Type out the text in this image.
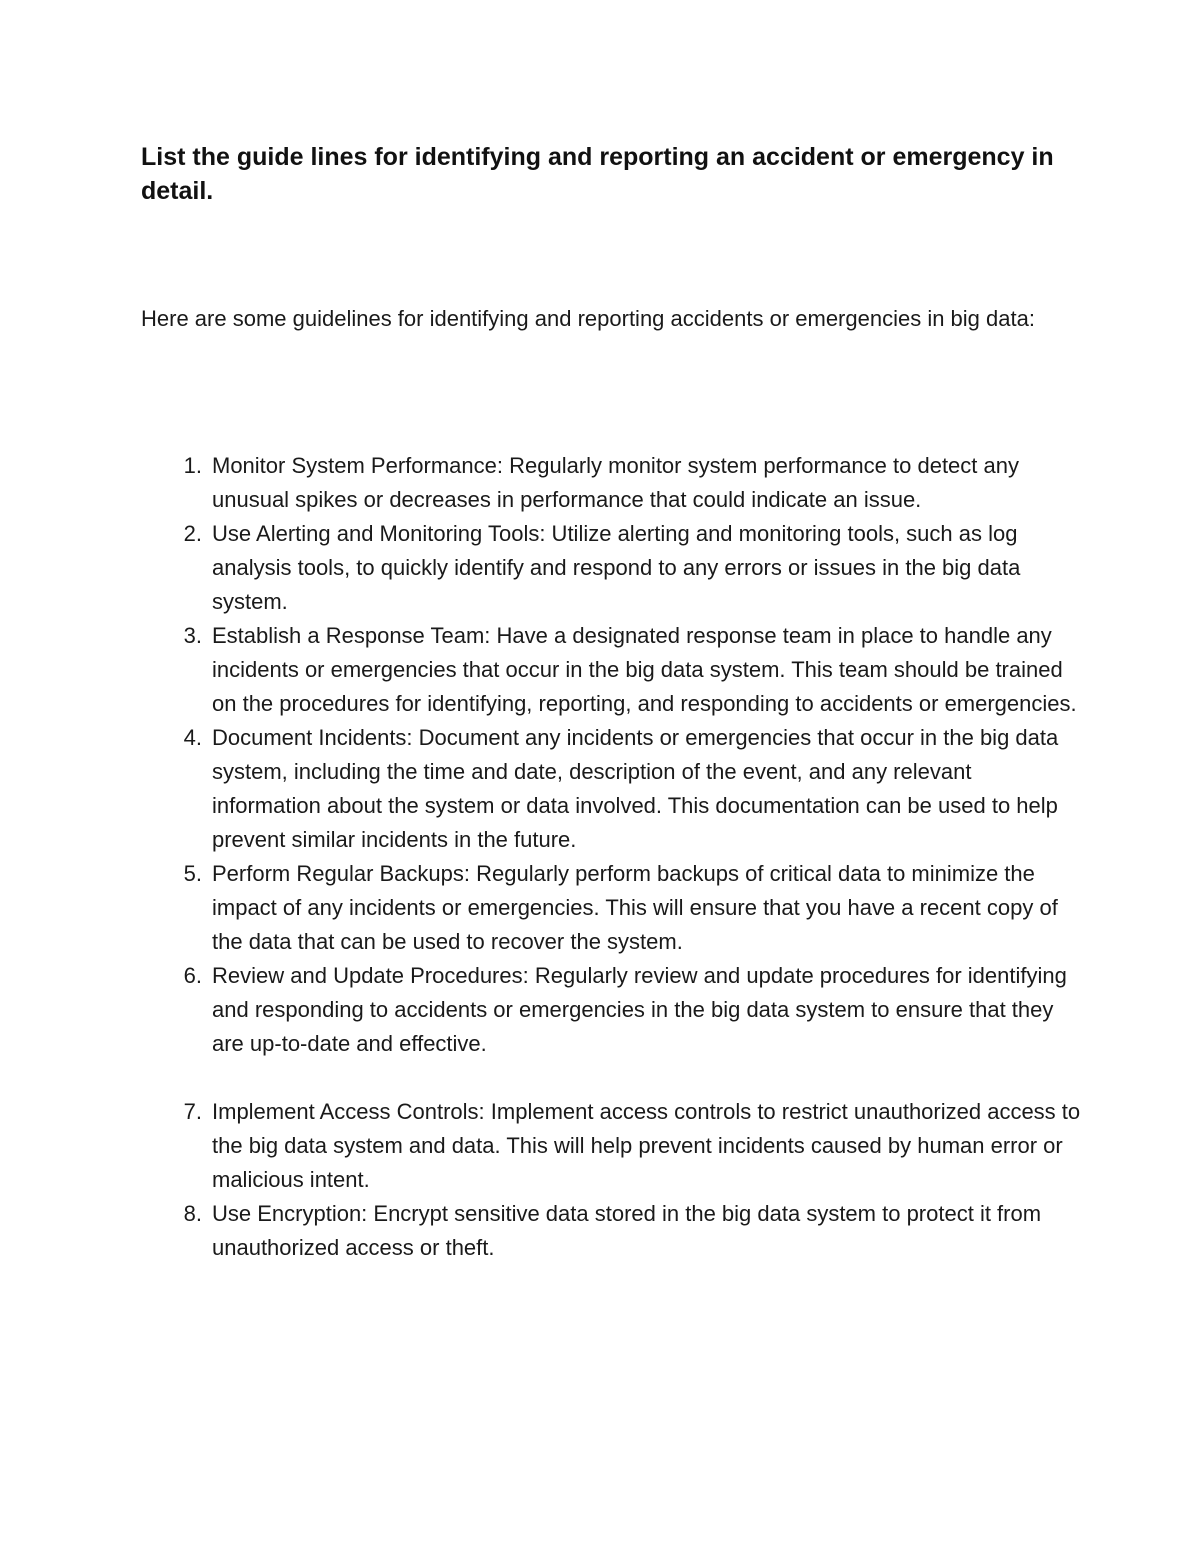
List the guide lines for identifying and reporting an accident or emergency in detail.

Here are some guidelines for identifying and reporting accidents or emergencies in big data:

1. Monitor System Performance: Regularly monitor system performance to detect any unusual spikes or decreases in performance that could indicate an issue.
2. Use Alerting and Monitoring Tools: Utilize alerting and monitoring tools, such as log analysis tools, to quickly identify and respond to any errors or issues in the big data system.
3. Establish a Response Team: Have a designated response team in place to handle any incidents or emergencies that occur in the big data system. This team should be trained on the procedures for identifying, reporting, and responding to accidents or emergencies.
4. Document Incidents: Document any incidents or emergencies that occur in the big data system, including the time and date, description of the event, and any relevant information about the system or data involved. This documentation can be used to help prevent similar incidents in the future.
5. Perform Regular Backups: Regularly perform backups of critical data to minimize the impact of any incidents or emergencies. This will ensure that you have a recent copy of the data that can be used to recover the system.
6. Review and Update Procedures: Regularly review and update procedures for identifying and responding to accidents or emergencies in the big data system to ensure that they are up-to-date and effective.
7. Implement Access Controls: Implement access controls to restrict unauthorized access to the big data system and data. This will help prevent incidents caused by human error or malicious intent.
8. Use Encryption: Encrypt sensitive data stored in the big data system to protect it from unauthorized access or theft.
